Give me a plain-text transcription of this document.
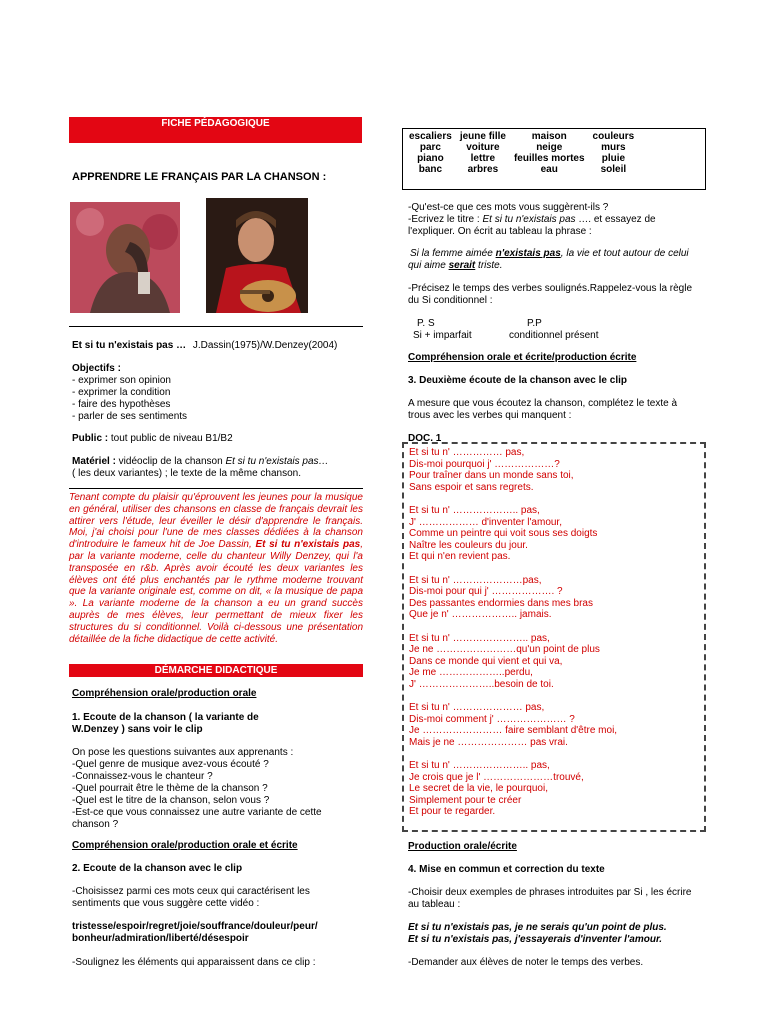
FICHE PÉDAGOGIQUE
APPRENDRE LE FRANÇAIS PAR LA CHANSON :
Et si tu n'existais pas … J.Dassin(1975)/W.Denzey(2004)
Objectifs :
- exprimer son opinion
- exprimer la condition
- faire des hypothèses
- parler de ses sentiments
Public : tout public de niveau B1/B2
Matériel : vidéoclip de la chanson Et si tu n'existais pas…
( les deux variantes) ; le texte de la même chanson.

Tenant compte du plaisir qu'éprouvent les jeunes pour la musique en général, utiliser des chansons en classe de français devrait les attirer vers l'étude, leur éveiller le désir d'apprendre le français. Moi, j'ai choisi pour l'une de mes classes dédiées à la chanson d'introduire le fameux hit de Joe Dassin, Et si tu n'existais pas, par la variante moderne, celle du chanteur Willy Denzey, qui l'a transposée en r&b. Après avoir écouté les deux variantes les élèves ont été plus enchantés par le rythme moderne trouvant que la variante originale est, comme on dit, « la musique de papa ». La variante moderne de la chanson a eu un grand succès auprès de mes élèves, leur permettant de mieux fixer les structures du si conditionnel. Voilà ci-dessous une présentation détaillée de la fiche didactique de cette activité.

DÉMARCHE DIDACTIQUE
Compréhension orale/production orale
1. Ecoute de la chanson ( la variante de W.Denzey ) sans voir le clip
On pose les questions suivantes aux apprenants :
-Quel genre de musique avez-vous écouté ?
-Connaissez-vous le chanteur ?
-Quel pourrait être le thème de la chanson ?
-Quel est le titre de la chanson, selon vous ?
-Est-ce que vous connaissez une autre variante de cette chanson ?
Compréhension orale/production orale et écrite
2. Ecoute de la chanson avec le clip
-Choisissez parmi ces mots ceux qui caractérisent les sentiments que vous suggère cette vidéo :
tristesse/espoir/regret/joie/souffrance/douleur/peur/ bonheur/admiration/liberté/désespoir
-Soulignez les éléments qui apparaissent dans ce clip :
escaliers	jeune fille	maison	couleurs
parc	voiture	neige	murs
piano	lettre	feuilles mortes	pluie
banc	arbres	eau	soleil
-Qu'est-ce que ces mots vous suggèrent-ils ?
-Ecrivez le titre : Et si tu n'existais pas …. et essayez de l'expliquer. On écrit au tableau la phrase :
Si la femme aimée n'existais pas, la vie et tout autour de celui qui aime serait triste.
-Précisez le temps des verbes soulignés.Rappelez-vous la règle du Si conditionnel :
P. S	P.P
Si + imparfait	conditionnel présent
Compréhension orale et écrite/production écrite
3. Deuxième écoute de la chanson avec le clip
A mesure que vous écoutez la chanson, complétez le texte à trous avec les verbes qui manquent :
DOC. 1
Et si tu n' …………… pas,
Dis-moi pourquoi j' ………………?
Pour traîner dans un monde sans toi,
Sans espoir et sans regrets.
Et si tu n' ……………….. pas,
J' ……………… d'inventer l'amour,
Comme un peintre qui voit sous ses doigts
Naître les couleurs du jour.
Et qui n'en revient pas.
Et si tu n' …………………pas,
Dis-moi pour qui j' ………………. ?
Des passantes endormies dans mes bras
Que je n' ……………….. jamais.
Et si tu n' ………………….. pas,
Je ne ……………………qu'un point de plus
Dans ce monde qui vient et qui va,
Je me ………………..perdu,
J' …………………..besoin de toi.
Et si tu n' ………………… pas,
Dis-moi comment j' ………………… ?
Je …………………… faire semblant d'être moi,
Mais je ne ………………… pas vrai.
Et si tu n' ………………….. pas,
Je crois que je l' …………………trouvé,
Le secret de la vie, le pourquoi,
Simplement pour te créer
Et pour te regarder.
Production orale/écrite
4. Mise en commun et correction du texte
-Choisir deux exemples de phrases introduites par Si , les écrire au tableau :
Et si tu n'existais pas, je ne serais qu'un point de plus.
Et si tu n'existais pas, j'essayerais d'inventer l'amour.
-Demander aux élèves de noter le temps des verbes.
